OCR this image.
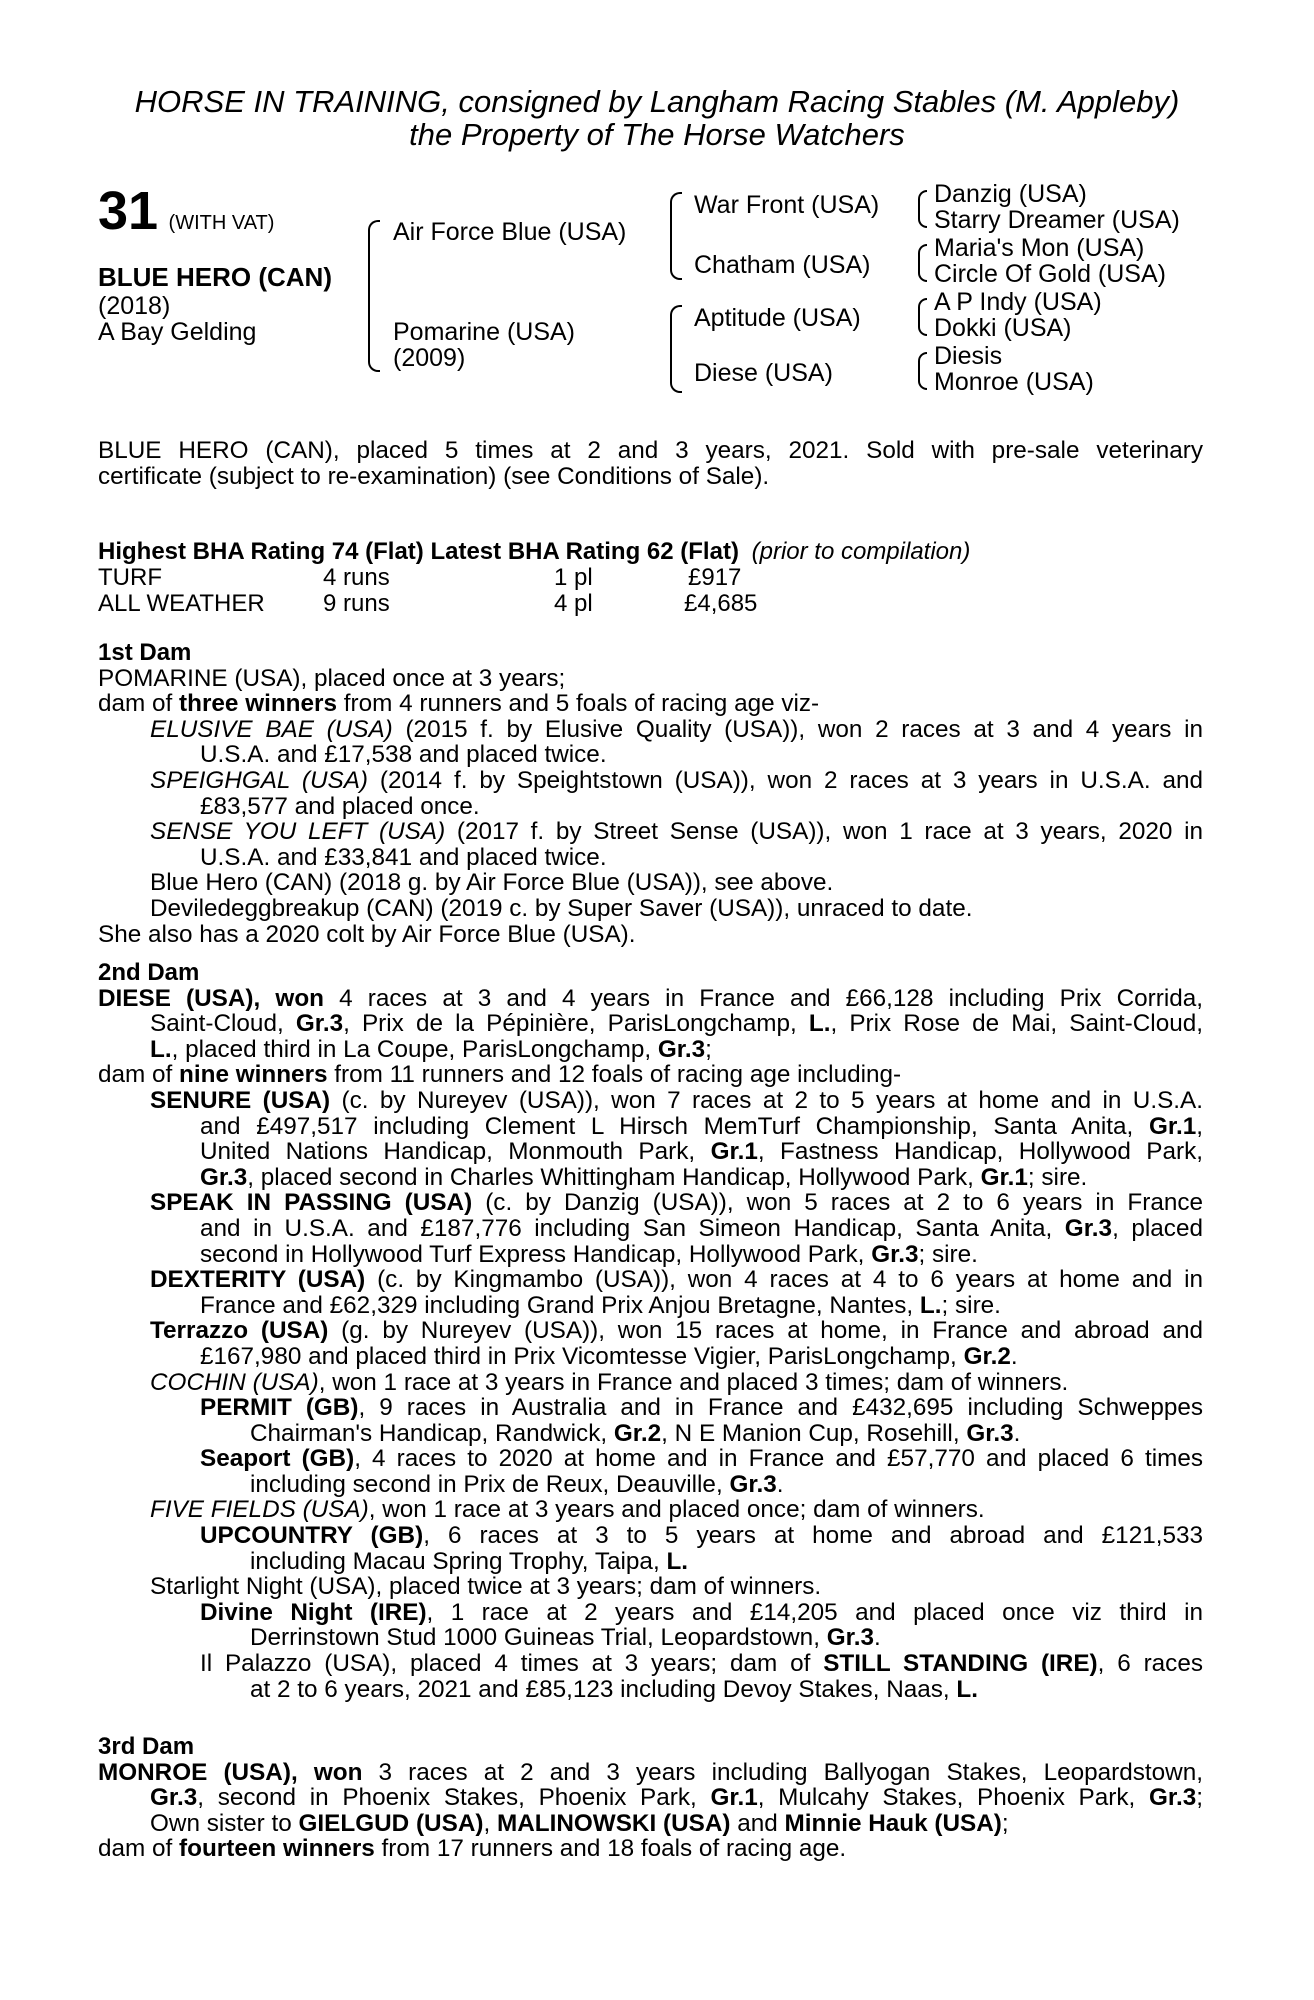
HORSE IN TRAINING, consigned by Langham Racing Stables (M. Appleby)
the Property of The Horse Watchers
31 (WITH VAT)
BLUE HERO (CAN)
(2018)
A Bay Gelding
Air Force Blue (USA)
Pomarine (USA)
(2009)
War Front (USA)
Chatham (USA)
Aptitude (USA)
Diese (USA)
Danzig (USA)
Starry Dreamer (USA)
Maria's Mon (USA)
Circle Of Gold (USA)
A P Indy (USA)
Dokki (USA)
Diesis
Monroe (USA)

BLUE HERO (CAN), placed 5 times at 2 and 3 years, 2021. Sold with pre-sale veterinary

certificate (subject to re-examination) (see Conditions of Sale).

Highest BHA Rating 74 (Flat) Latest BHA Rating 62 (Flat) (prior to compilation)
TURF	4 runs	1 pl	£917
ALL WEATHER 9 runs	4 pl	£4,685

1st Dam

POMARINE (USA), placed once at 3 years;

dam of three winners from 4 runners and 5 foals of racing age viz-

ELUSIVE BAE (USA) (2015 f. by Elusive Quality (USA)), won 2 races at 3 and 4 years in

U.S.A. and £17,538 and placed twice.

SPEIGHGAL (USA) (2014 f. by Speightstown (USA)), won 2 races at 3 years in U.S.A. and

£83,577 and placed once.

SENSE YOU LEFT (USA) (2017 f. by Street Sense (USA)), won 1 race at 3 years, 2020 in

U.S.A. and £33,841 and placed twice.

Blue Hero (CAN) (2018 g. by Air Force Blue (USA)), see above.

Deviledeggbreakup (CAN) (2019 c. by Super Saver (USA)), unraced to date.

She also has a 2020 colt by Air Force Blue (USA).

2nd Dam

DIESE (USA), won 4 races at 3 and 4 years in France and £66,128 including Prix Corrida,

Saint-Cloud, Gr.3, Prix de la Pépinière, ParisLongchamp, L., Prix Rose de Mai, Saint-Cloud,

L., placed third in La Coupe, ParisLongchamp, Gr.3;

dam of nine winners from 11 runners and 12 foals of racing age including-

SENURE (USA) (c. by Nureyev (USA)), won 7 races at 2 to 5 years at home and in U.S.A.

and £497,517 including Clement L Hirsch MemTurf Championship, Santa Anita, Gr.1,

United Nations Handicap, Monmouth Park, Gr.1, Fastness Handicap, Hollywood Park,

Gr.3, placed second in Charles Whittingham Handicap, Hollywood Park, Gr.1; sire.

SPEAK IN PASSING (USA) (c. by Danzig (USA)), won 5 races at 2 to 6 years in France

and in U.S.A. and £187,776 including San Simeon Handicap, Santa Anita, Gr.3, placed

second in Hollywood Turf Express Handicap, Hollywood Park, Gr.3; sire.

DEXTERITY (USA) (c. by Kingmambo (USA)), won 4 races at 4 to 6 years at home and in

France and £62,329 including Grand Prix Anjou Bretagne, Nantes, L.; sire.

Terrazzo (USA) (g. by Nureyev (USA)), won 15 races at home, in France and abroad and

£167,980 and placed third in Prix Vicomtesse Vigier, ParisLongchamp, Gr.2.

COCHIN (USA), won 1 race at 3 years in France and placed 3 times; dam of winners.

PERMIT (GB), 9 races in Australia and in France and £432,695 including Schweppes

Chairman's Handicap, Randwick, Gr.2, N E Manion Cup, Rosehill, Gr.3.

Seaport (GB), 4 races to 2020 at home and in France and £57,770 and placed 6 times

including second in Prix de Reux, Deauville, Gr.3.

FIVE FIELDS (USA), won 1 race at 3 years and placed once; dam of winners.

UPCOUNTRY (GB), 6 races at 3 to 5 years at home and abroad and £121,533

including Macau Spring Trophy, Taipa, L.

Starlight Night (USA), placed twice at 3 years; dam of winners.

Divine Night (IRE), 1 race at 2 years and £14,205 and placed once viz third in

Derrinstown Stud 1000 Guineas Trial, Leopardstown, Gr.3.

Il Palazzo (USA), placed 4 times at 3 years; dam of STILL STANDING (IRE), 6 races

at 2 to 6 years, 2021 and £85,123 including Devoy Stakes, Naas, L.

3rd Dam

MONROE (USA), won 3 races at 2 and 3 years including Ballyogan Stakes, Leopardstown,

Gr.3, second in Phoenix Stakes, Phoenix Park, Gr.1, Mulcahy Stakes, Phoenix Park, Gr.3;

Own sister to GIELGUD (USA), MALINOWSKI (USA) and Minnie Hauk (USA);

dam of fourteen winners from 17 runners and 18 foals of racing age.
